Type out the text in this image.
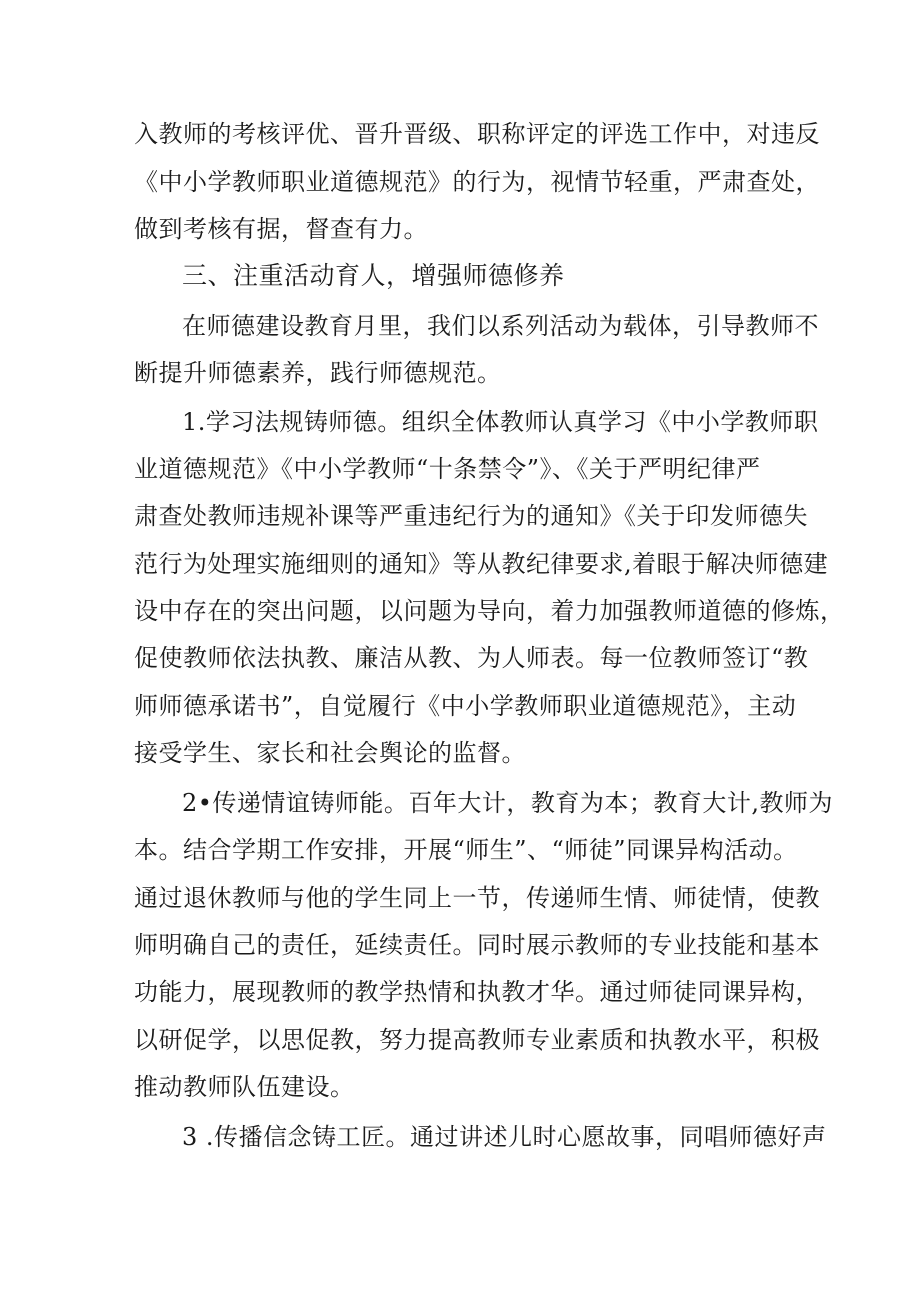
入教师的考核评优、晋升晋级、职称评定的评选工作中，对违反
《中小学教师职业道德规范》的行为，视情节轻重，严肃查处，
做到考核有据，督查有力。
三、注重活动育人，增强师德修养
在师德建设教育月里，我们以系列活动为载体，引导教师不
断提升师德素养，践行师德规范。
1.学习法规铸师德。组织全体教师认真学习《中小学教师职
业道德规范》《中小学教师“十条禁令”》、《关于严明纪律严
肃查处教师违规补课等严重违纪行为的通知》《关于印发师德失
范行为处理实施细则的通知》等从教纪律要求,着眼于解决师德建
设中存在的突出问题，以问题为导向，着力加强教师道德的修炼，
促使教师依法执教、廉洁从教、为人师表。每一位教师签订“教
师师德承诺书”，自觉履行《中小学教师职业道德规范》，主动
接受学生、家长和社会舆论的监督。
2•传递情谊铸师能。百年大计，教育为本；教育大计,教师为
本。结合学期工作安排，开展“师生”、“师徒”同课异构活动。
通过退休教师与他的学生同上一节，传递师生情、师徒情，使教
师明确自己的责任，延续责任。同时展示教师的专业技能和基本
功能力，展现教师的教学热情和执教才华。通过师徒同课异构，
以研促学，以思促教，努力提高教师专业素质和执教水平，积极
推动教师队伍建设。
3 .传播信念铸工匠。通过讲述儿时心愿故事，同唱师德好声
